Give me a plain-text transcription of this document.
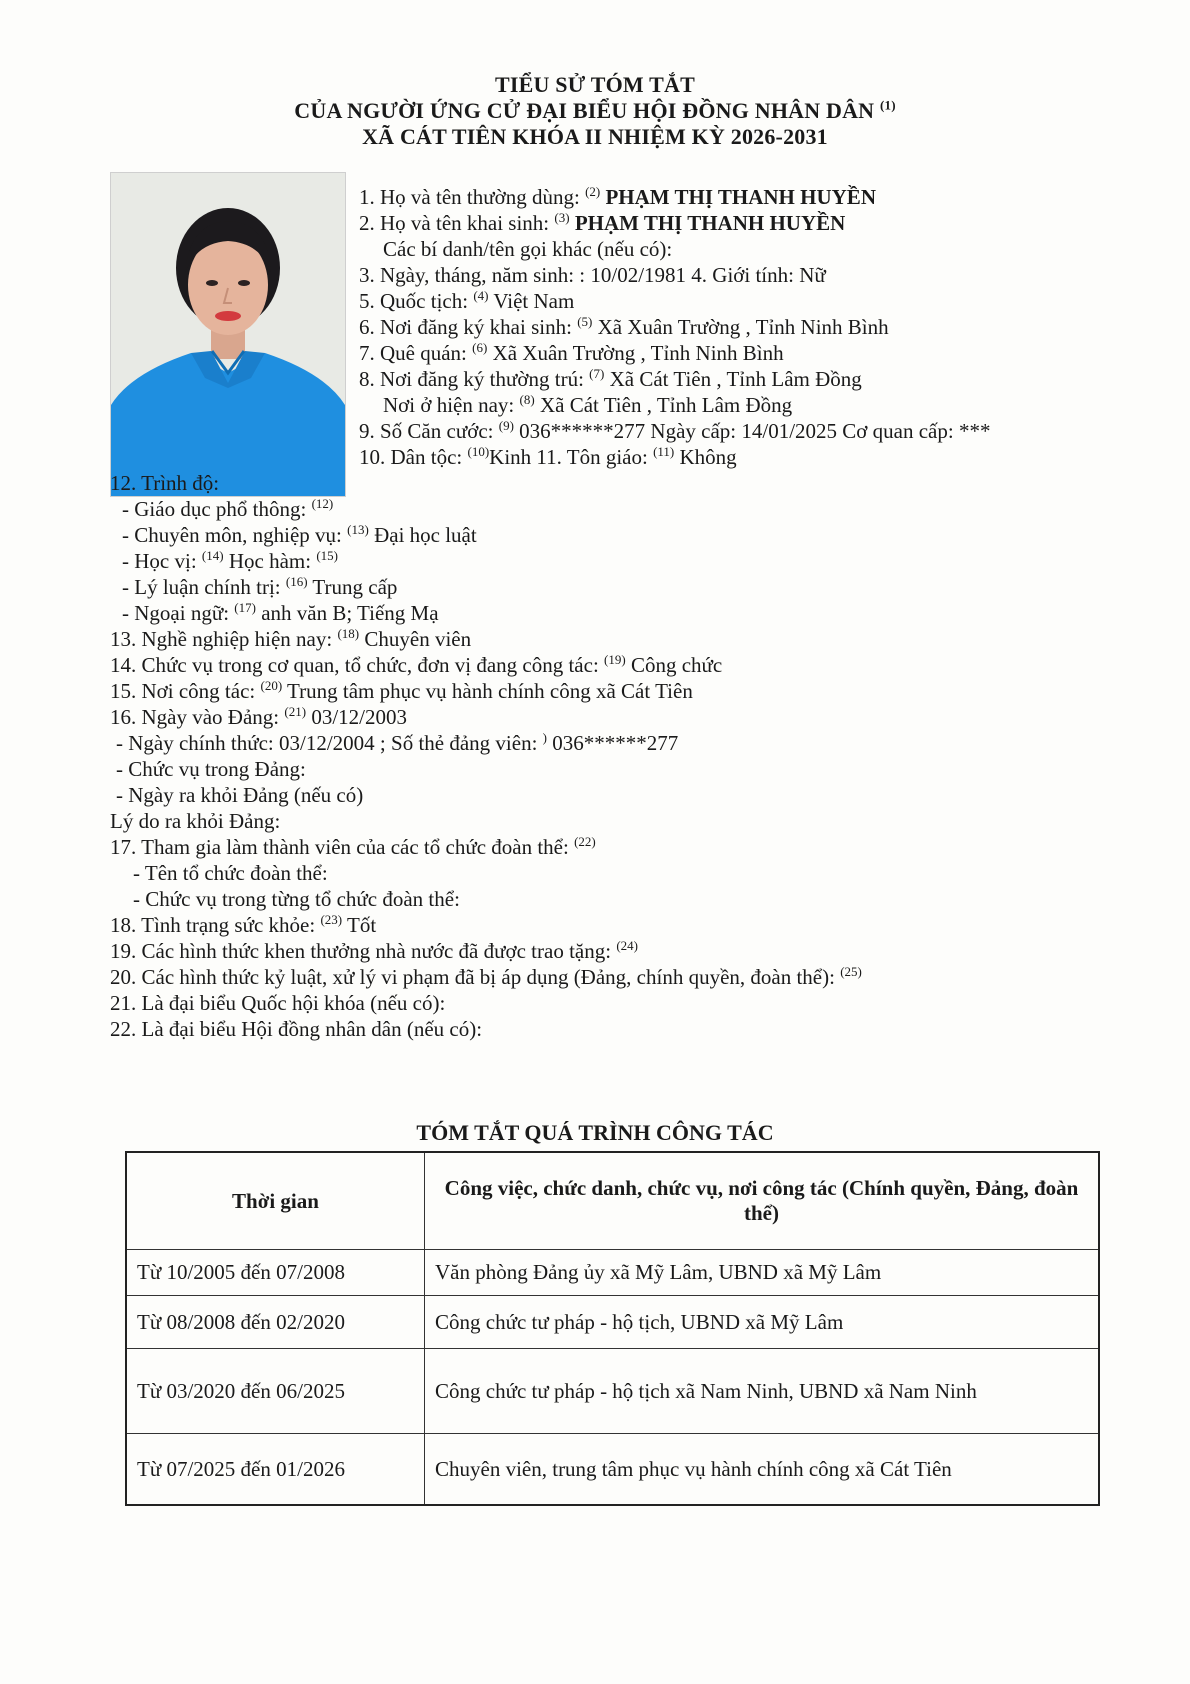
TIỂU SỬ TÓM TẮT
CỦA NGƯỜI ỨNG CỬ ĐẠI BIỂU HỘI ĐỒNG NHÂN DÂN $^{(1)}$
XÃ CÁT TIÊN KHÓA II NHIỆM KỲ 2026-2031
1. Họ và tên thường dùng: $^{(2)}$ PHẠM THỊ THANH HUYỀN
2. Họ và tên khai sinh: $^{(3)}$ PHẠM THỊ THANH HUYỀN
Các bí danh/tên gọi khác (nếu có):
3. Ngày, tháng, năm sinh: : 10/02/1981 4. Giới tính: Nữ
5. Quốc tịch: $^{(4)}$ Việt Nam
6. Nơi đăng ký khai sinh: $^{(5)}$ Xã Xuân Trường , Tỉnh Ninh Bình
7. Quê quán: $^{(6)}$ Xã Xuân Trường , Tỉnh Ninh Bình
8. Nơi đăng ký thường trú: $^{(7)}$ Xã Cát Tiên , Tỉnh Lâm Đồng
Nơi ở hiện nay: $^{(8)}$ Xã Cát Tiên , Tỉnh Lâm Đồng
9. Số Căn cước: $^{(9)}$ 036******277 Ngày cấp: 14/01/2025 Cơ quan cấp: ***
10. Dân tộc: $^{(10)}$Kinh 11. Tôn giáo: $^{(11)}$ Không
12. Trình độ:
- Giáo dục phổ thông: $^{(12)}$
- Chuyên môn, nghiệp vụ: $^{(13)}$ Đại học luật
- Học vị: $^{(14)}$ Học hàm: $^{(15)}$
- Lý luận chính trị: $^{(16)}$ Trung cấp
- Ngoại ngữ: $^{(17)}$ anh văn B; Tiếng Mạ
13. Nghề nghiệp hiện nay: $^{(18)}$ Chuyên viên
14. Chức vụ trong cơ quan, tổ chức, đơn vị đang công tác: $^{(19)}$ Công chức
15. Nơi công tác: $^{(20)}$ Trung tâm phục vụ hành chính công xã Cát Tiên
16. Ngày vào Đảng: $^{(21)}$ 03/12/2003
- Ngày chính thức: 03/12/2004 ; Số thẻ đảng viên: ) 036******277
- Chức vụ trong Đảng:
- Ngày ra khỏi Đảng (nếu có)
Lý do ra khỏi Đảng:
17. Tham gia làm thành viên của các tổ chức đoàn thể: $^{(22)}$
- Tên tổ chức đoàn thể:
- Chức vụ trong từng tổ chức đoàn thể:
18. Tình trạng sức khỏe: $^{(23)}$ Tốt
19. Các hình thức khen thưởng nhà nước đã được trao tặng: $^{(24)}$
20. Các hình thức kỷ luật, xử lý vi phạm đã bị áp dụng (Đảng, chính quyền, đoàn thể): $^{(25)}$
21. Là đại biểu Quốc hội khóa (nếu có):
22. Là đại biểu Hội đồng nhân dân (nếu có):
TÓM TẮT QUÁ TRÌNH CÔNG TÁC
Thời gian	Công việc, chức danh, chức vụ, nơi công tác (Chính quyền, Đảng, đoàn thể)
Từ 10/2005 đến 07/2008	Văn phòng Đảng ủy xã Mỹ Lâm, UBND xã Mỹ Lâm
Từ 08/2008 đến 02/2020	Công chức tư pháp - hộ tịch, UBND xã Mỹ Lâm
Từ 03/2020 đến 06/2025	Công chức tư pháp - hộ tịch xã Nam Ninh, UBND xã Nam Ninh
Từ 07/2025 đến 01/2026	Chuyên viên, trung tâm phục vụ hành chính công xã Cát Tiên
